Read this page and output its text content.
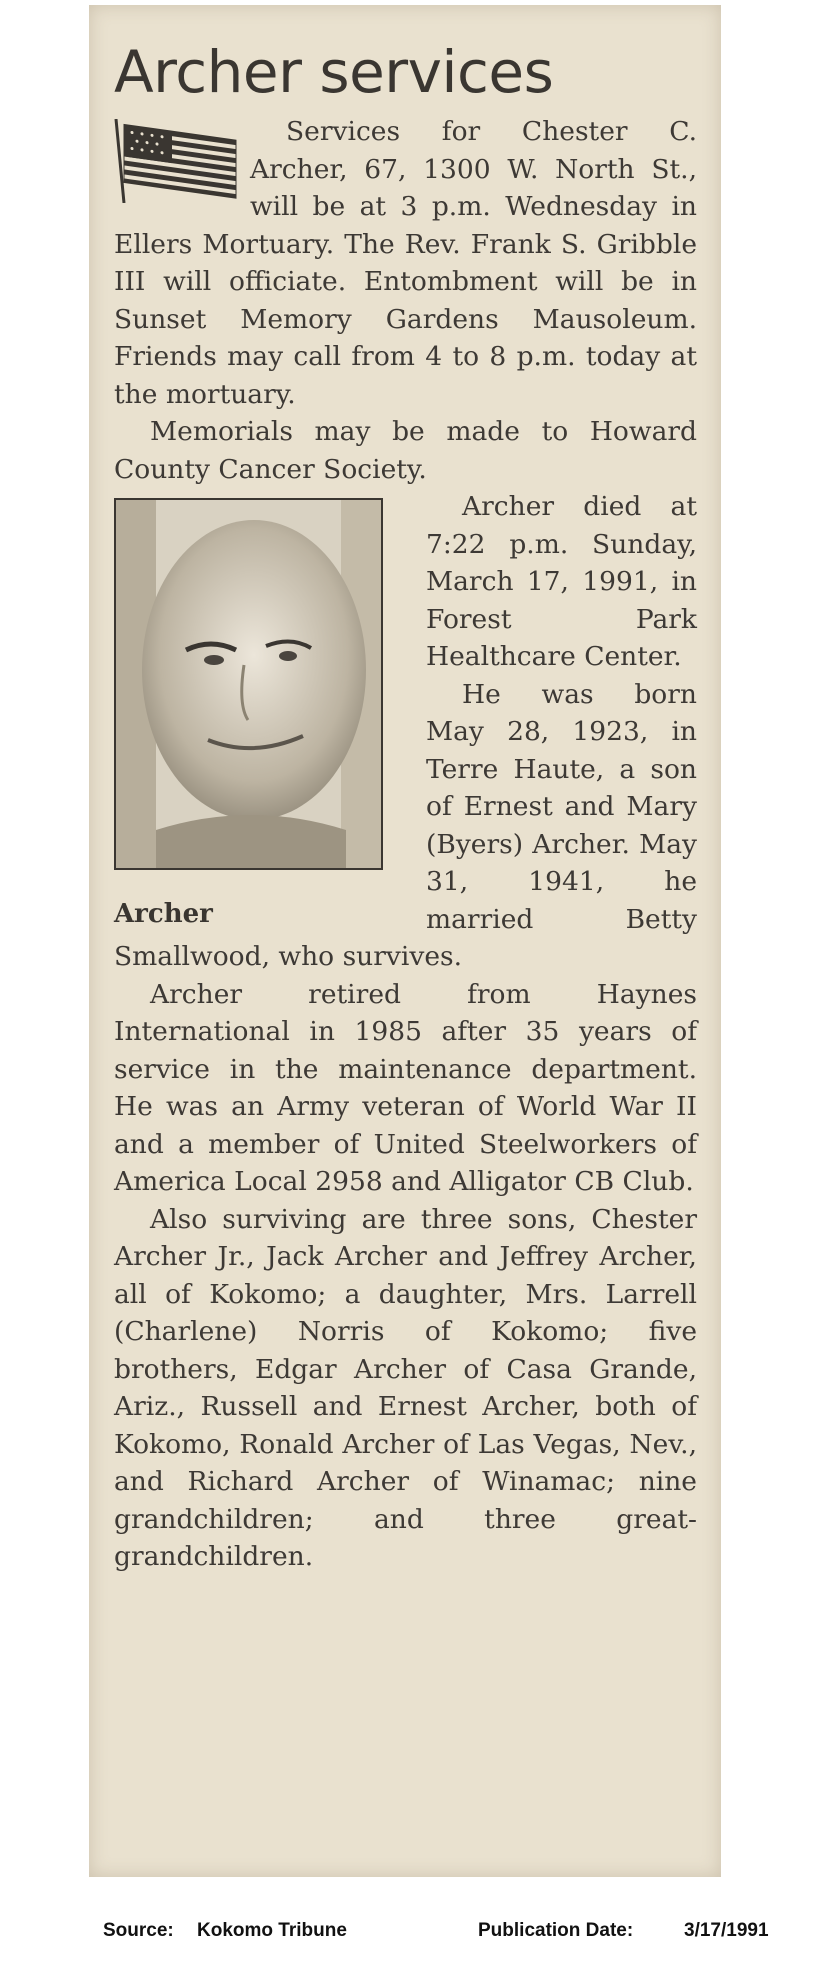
Archer services

Services for Chester C. Archer, 67, 1300 W. North St., will be at 3 p.m. Wednesday in Ellers Mortuary. The Rev. Frank S. Gribble III will officiate. Entombment will be in Sunset Memory Gardens Mausoleum. Friends may call from 4 to 8 p.m. today at the mortuary.

Memorials may be made to Howard County Cancer Society.

Archer

Archer died at 7:22 p.m. Sunday, March 17, 1991, in Forest Park Healthcare Center.

He was born May 28, 1923, in Terre Haute, a son of Ernest and Mary (Byers) Archer. May 31, 1941, he married Betty Smallwood, who survives.

Archer retired from Haynes International in 1985 after 35 years of service in the maintenance department. He was an Army veteran of World War II and a member of United Steelworkers of America Local 2958 and Alligator CB Club.

Also surviving are three sons, Chester Archer Jr., Jack Archer and Jeffrey Archer, all of Kokomo; a daughter, Mrs. Larrell (Charlene) Norris of Kokomo; five brothers, Edgar Archer of Casa Grande, Ariz., Russell and Ernest Archer, both of Kokomo, Ronald Archer of Las Vegas, Nev., and Richard Archer of Winamac; nine grandchildren; and three great-grandchildren.

Source: Kokomo Tribune	Publication Date:	3/17/1991
